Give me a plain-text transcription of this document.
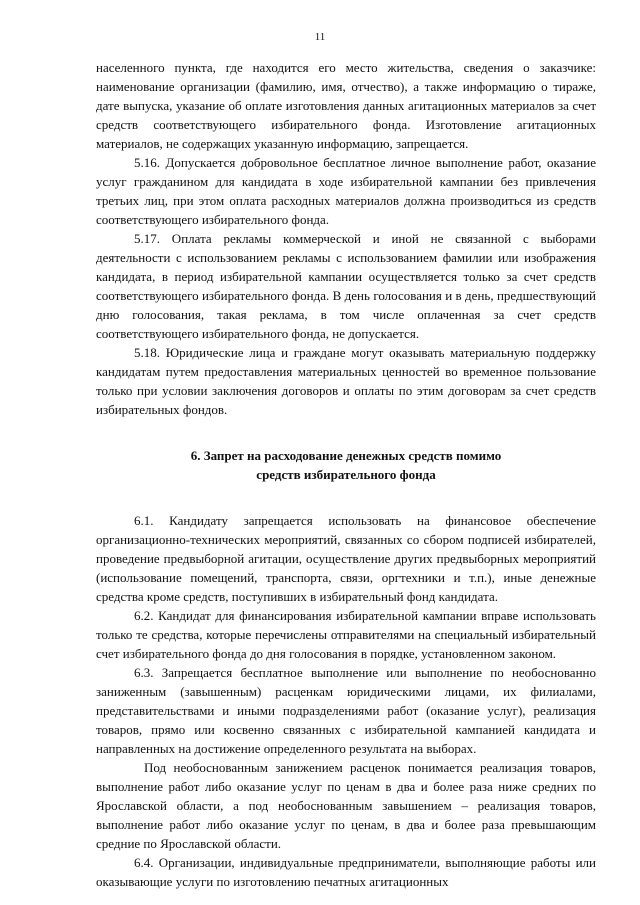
11

населенного пункта, где находится его место жительства, сведения о заказчике: наименование организации (фамилию, имя, отчество), а также информацию о тираже, дате выпуска, указание об оплате изготовления данных агитационных материалов за счет средств соответствующего избирательного фонда. Изготовление агитационных материалов, не содержащих указанную информацию, запрещается.

5.16. Допускается добровольное бесплатное личное выполнение работ, оказание услуг гражданином для кандидата в ходе избирательной кампании без привлечения третьих лиц, при этом оплата расходных материалов должна производиться из средств соответствующего избирательного фонда.

5.17. Оплата рекламы коммерческой и иной не связанной с выборами деятельности с использованием рекламы с использованием фамилии или изображения кандидата, в период избирательной кампании осуществляется только за счет средств соответствующего избирательного фонда. В день голосования и в день, предшествующий дню голосования, такая реклама, в том числе оплаченная за счет средств соответствующего избирательного фонда, не допускается.

5.18. Юридические лица и граждане могут оказывать материальную поддержку кандидатам путем предоставления материальных ценностей во временное пользование только при условии заключения договоров и оплаты по этим договорам за счет средств избирательных фондов.

6. Запрет на расходование денежных средств помимо
средств избирательного фонда

6.1. Кандидату запрещается использовать на финансовое обеспечение организационно-технических мероприятий, связанных со сбором подписей избирателей, проведение предвыборной агитации, осуществление других предвыборных мероприятий (использование помещений, транспорта, связи, оргтехники и т.п.), иные денежные средства кроме средств, поступивших в избирательный фонд кандидата.

6.2. Кандидат для финансирования избирательной кампании вправе использовать только те средства, которые перечислены отправителями на специальный избирательный счет избирательного фонда до дня голосования в порядке, установленном законом.

6.3. Запрещается бесплатное выполнение или выполнение по необоснованно заниженным (завышенным) расценкам юридическими лицами, их филиалами, представительствами и иными подразделениями работ (оказание услуг), реализация товаров, прямо или косвенно связанных с избирательной кампанией кандидата и направленных на достижение определенного результата на выборах.

Под необоснованным занижением расценок понимается реализация товаров, выполнение работ либо оказание услуг по ценам в два и более раза ниже средних по Ярославской области, а под необоснованным завышением – реализация товаров, выполнение работ либо оказание услуг по ценам, в два и более раза превышающим средние по Ярославской области.

6.4. Организации, индивидуальные предприниматели, выполняющие работы или оказывающие услуги по изготовлению печатных агитационных
